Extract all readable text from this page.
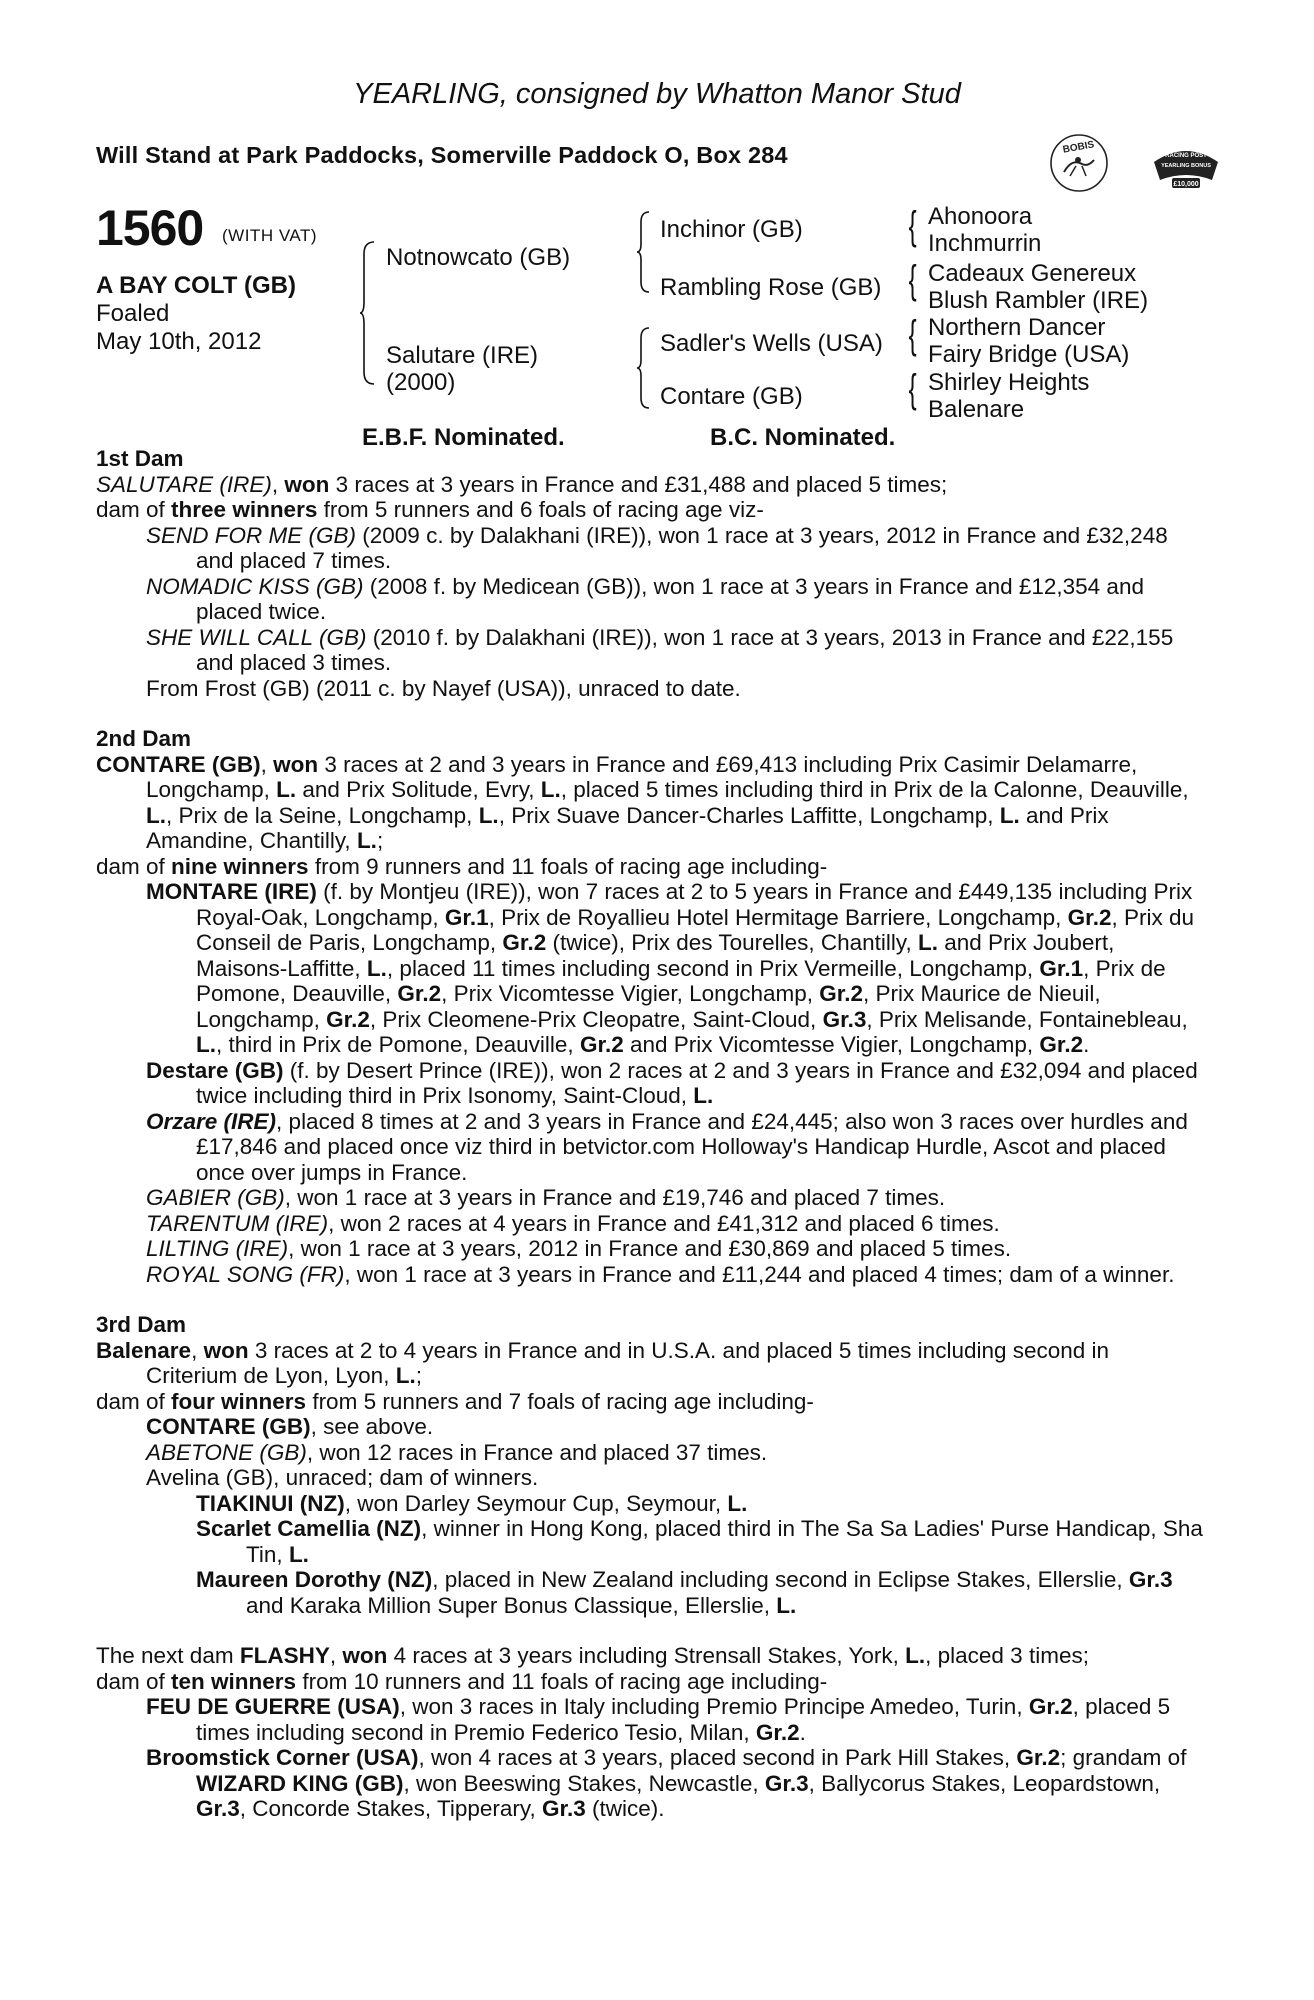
YEARLING, consigned by Whatton Manor Stud
Will Stand at Park Paddocks, Somerville Paddock O, Box 284	BOBIS
RACING POST
YEARLING BONUS
£10,000
1560 (WITH VAT)
A BAY COLT (GB)
Foaled
May 10th, 2012
Notnowcato (GB)
Salutare (IRE)
(2000)
Inchinor (GB)
Rambling Rose (GB)
Sadler's Wells (USA)
Contare (GB)
{ Ahonoora
Inchmurrin
{ Cadeaux Genereux
Blush Rambler (IRE)
{ Northern Dancer
Fairy Bridge (USA)
{ Shirley Heights
Balenare
E.B.F. Nominated.	B.C. Nominated.
1st Dam
SALUTARE (IRE), won 3 races at 3 years in France and £31,488 and placed 5 times;
dam of three winners from 5 runners and 6 foals of racing age viz-
SEND FOR ME (GB) (2009 c. by Dalakhani (IRE)), won 1 race at 3 years, 2012 in France and £32,248 and placed 7 times.
NOMADIC KISS (GB) (2008 f. by Medicean (GB)), won 1 race at 3 years in France and £12,354 and placed twice.
SHE WILL CALL (GB) (2010 f. by Dalakhani (IRE)), won 1 race at 3 years, 2013 in France and £22,155 and placed 3 times.
From Frost (GB) (2011 c. by Nayef (USA)), unraced to date.
2nd Dam
CONTARE (GB), won 3 races at 2 and 3 years in France and £69,413 including Prix Casimir Delamarre, Longchamp, L. and Prix Solitude, Evry, L., placed 5 times including third in Prix de la Calonne, Deauville, L., Prix de la Seine, Longchamp, L., Prix Suave Dancer-Charles Laffitte, Longchamp, L. and Prix Amandine, Chantilly, L.;
dam of nine winners from 9 runners and 11 foals of racing age including-
MONTARE (IRE) (f. by Montjeu (IRE)), won 7 races at 2 to 5 years in France and £449,135 including Prix Royal-Oak, Longchamp, Gr.1, Prix de Royallieu Hotel Hermitage Barriere, Longchamp, Gr.2, Prix du Conseil de Paris, Longchamp, Gr.2 (twice), Prix des Tourelles, Chantilly, L. and Prix Joubert, Maisons-Laffitte, L., placed 11 times including second in Prix Vermeille, Longchamp, Gr.1, Prix de Pomone, Deauville, Gr.2, Prix Vicomtesse Vigier, Longchamp, Gr.2, Prix Maurice de Nieuil, Longchamp, Gr.2, Prix Cleomene-Prix Cleopatre, Saint-Cloud, Gr.3, Prix Melisande, Fontainebleau, L., third in Prix de Pomone, Deauville, Gr.2 and Prix Vicomtesse Vigier, Longchamp, Gr.2.
Destare (GB) (f. by Desert Prince (IRE)), won 2 races at 2 and 3 years in France and £32,094 and placed twice including third in Prix Isonomy, Saint-Cloud, L.
Orzare (IRE), placed 8 times at 2 and 3 years in France and £24,445; also won 3 races over hurdles and £17,846 and placed once viz third in betvictor.com Holloway's Handicap Hurdle, Ascot and placed once over jumps in France.
GABIER (GB), won 1 race at 3 years in France and £19,746 and placed 7 times.
TARENTUM (IRE), won 2 races at 4 years in France and £41,312 and placed 6 times.
LILTING (IRE), won 1 race at 3 years, 2012 in France and £30,869 and placed 5 times.
ROYAL SONG (FR), won 1 race at 3 years in France and £11,244 and placed 4 times; dam of a winner.
3rd Dam
Balenare, won 3 races at 2 to 4 years in France and in U.S.A. and placed 5 times including second in Criterium de Lyon, Lyon, L.;
dam of four winners from 5 runners and 7 foals of racing age including-
CONTARE (GB), see above.
ABETONE (GB), won 12 races in France and placed 37 times.
Avelina (GB), unraced; dam of winners.
TIAKINUI (NZ), won Darley Seymour Cup, Seymour, L.
Scarlet Camellia (NZ), winner in Hong Kong, placed third in The Sa Sa Ladies' Purse Handicap, Sha Tin, L.
Maureen Dorothy (NZ), placed in New Zealand including second in Eclipse Stakes, Ellerslie, Gr.3 and Karaka Million Super Bonus Classique, Ellerslie, L.
The next dam FLASHY, won 4 races at 3 years including Strensall Stakes, York, L., placed 3 times;
dam of ten winners from 10 runners and 11 foals of racing age including-
FEU DE GUERRE (USA), won 3 races in Italy including Premio Principe Amedeo, Turin, Gr.2, placed 5 times including second in Premio Federico Tesio, Milan, Gr.2.
Broomstick Corner (USA), won 4 races at 3 years, placed second in Park Hill Stakes, Gr.2; grandam of WIZARD KING (GB), won Beeswing Stakes, Newcastle, Gr.3, Ballycorus Stakes, Leopardstown, Gr.3, Concorde Stakes, Tipperary, Gr.3 (twice).
